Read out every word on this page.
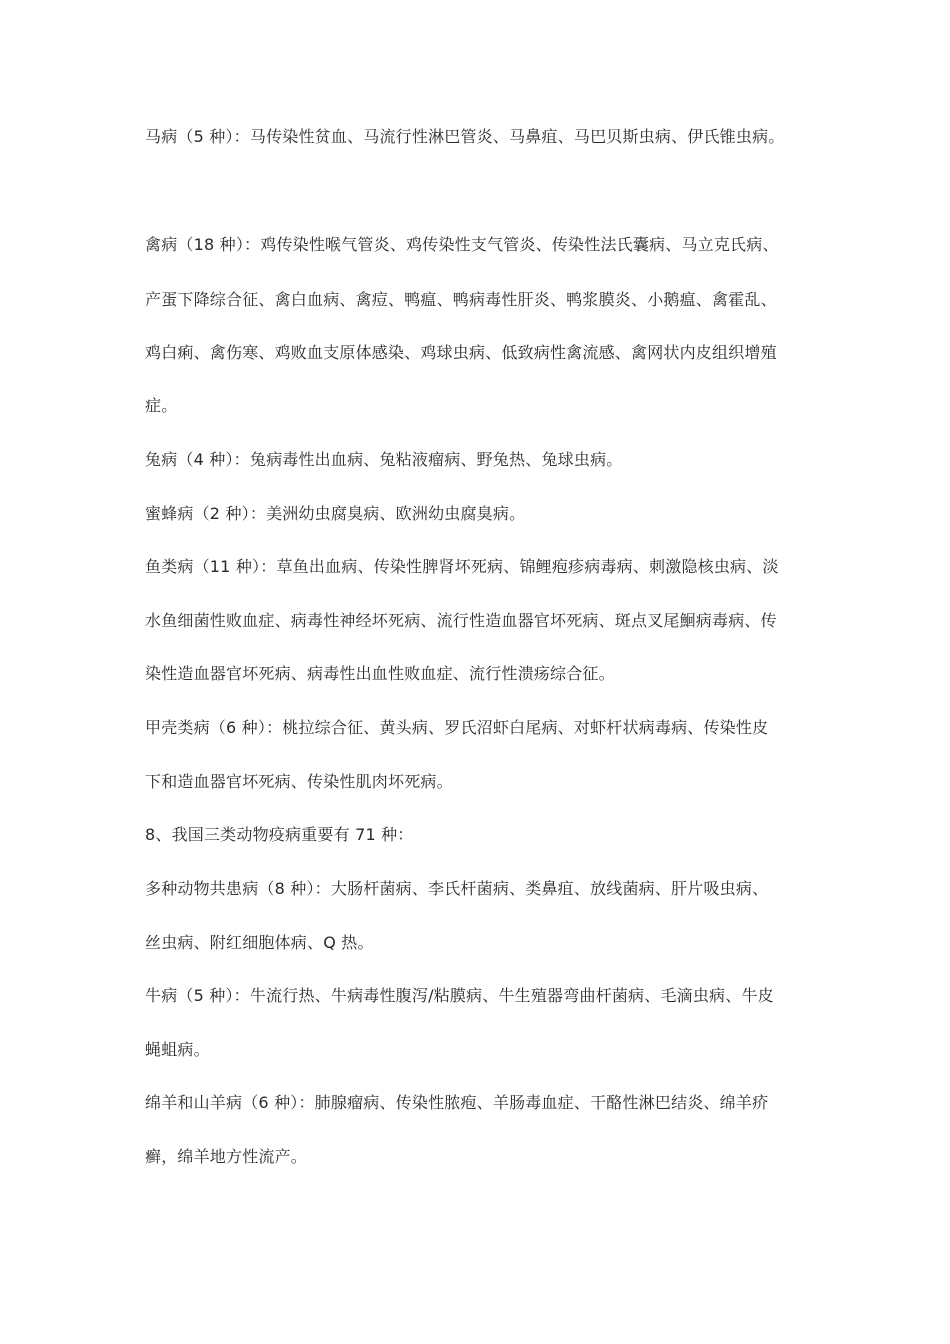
马病（5 种）：马传染性贫血、马流行性淋巴管炎、马鼻疽、马巴贝斯虫病、伊氏锥虫病。
禽病（18 种）：鸡传染性喉气管炎、鸡传染性支气管炎、传染性法氏囊病、马立克氏病、
产蛋下降综合征、禽白血病、禽痘、鸭瘟、鸭病毒性肝炎、鸭浆膜炎、小鹅瘟、禽霍乱、
鸡白痢、禽伤寒、鸡败血支原体感染、鸡球虫病、低致病性禽流感、禽网状内皮组织增殖
症。
兔病（4 种）：兔病毒性出血病、兔粘液瘤病、野兔热、兔球虫病。
蜜蜂病（2 种）：美洲幼虫腐臭病、欧洲幼虫腐臭病。
鱼类病（11 种）：草鱼出血病、传染性脾肾坏死病、锦鲤疱疹病毒病、刺激隐核虫病、淡
水鱼细菌性败血症、病毒性神经坏死病、流行性造血器官坏死病、斑点叉尾鮰病毒病、传
染性造血器官坏死病、病毒性出血性败血症、流行性溃疡综合征。
甲壳类病（6 种）：桃拉综合征、黄头病、罗氏沼虾白尾病、对虾杆状病毒病、传染性皮
下和造血器官坏死病、传染性肌肉坏死病。
8、我国三类动物疫病重要有 71 种：
多种动物共患病（8 种）：大肠杆菌病、李氏杆菌病、类鼻疽、放线菌病、肝片吸虫病、
丝虫病、附红细胞体病、Q 热。
牛病（5 种）：牛流行热、牛病毒性腹泻/粘膜病、牛生殖器弯曲杆菌病、毛滴虫病、牛皮
蝇蛆病。
绵羊和山羊病（6 种）：肺腺瘤病、传染性脓疱、羊肠毒血症、干酪性淋巴结炎、绵羊疥
癣，绵羊地方性流产。
